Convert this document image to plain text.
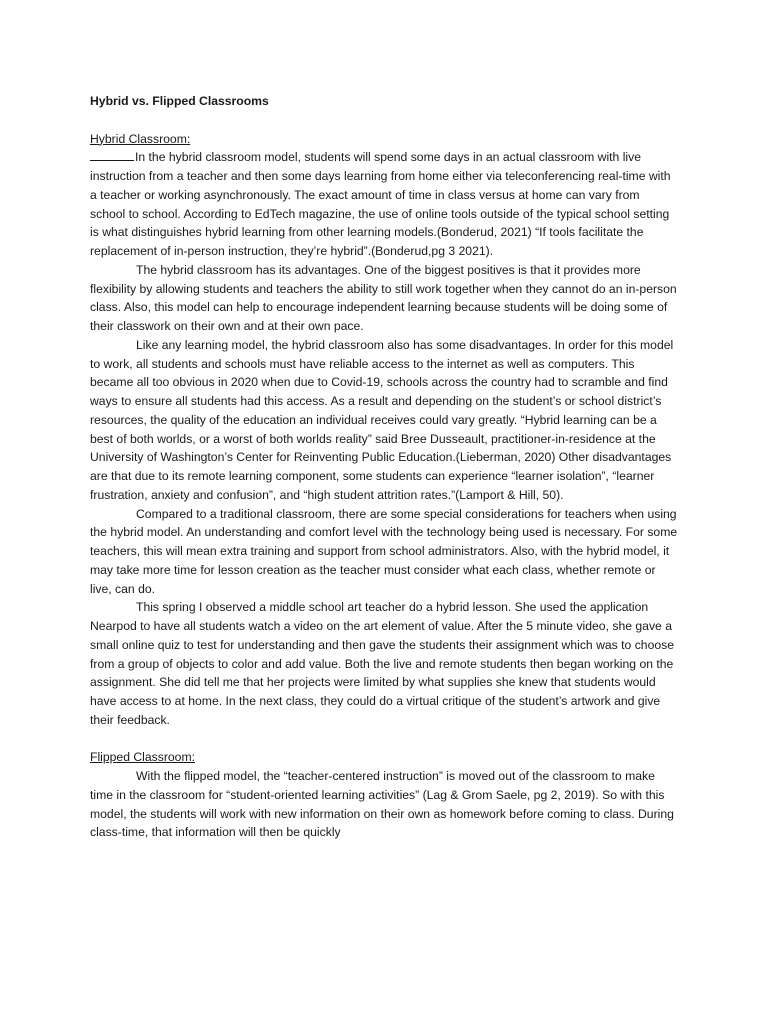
Hybrid vs. Flipped Classrooms
Hybrid Classroom:

In the hybrid classroom model, students will spend some days in an actual classroom with live instruction from a teacher and then some days learning from home either via teleconferencing real-time with a teacher or working asynchronously. The exact amount of time in class versus at home can vary from school to school. According to EdTech magazine, the use of online tools outside of the typical school setting is what distinguishes hybrid learning from other learning models.(Bonderud, 2021) “If tools facilitate the replacement of in-person instruction, they’re hybrid”.(Bonderud,pg 3 2021).

The hybrid classroom has its advantages. One of the biggest positives is that it provides more flexibility by allowing students and teachers the ability to still work together when they cannot do an in-person class. Also, this model can help to encourage independent learning because students will be doing some of their classwork on their own and at their own pace.

Like any learning model, the hybrid classroom also has some disadvantages. In order for this model to work, all students and schools must have reliable access to the internet as well as computers. This became all too obvious in 2020 when due to Covid-19, schools across the country had to scramble and find ways to ensure all students had this access. As a result and depending on the student’s or school district’s resources, the quality of the education an individual receives could vary greatly. “Hybrid learning can be a best of both worlds, or a worst of both worlds reality” said Bree Dusseault, practitioner-in-residence at the University of Washington’s Center for Reinventing Public Education.(Lieberman, 2020) Other disadvantages are that due to its remote learning component, some students can experience “learner isolation”, “learner frustration, anxiety and confusion”, and “high student attrition rates.”(Lamport & Hill, 50).

Compared to a traditional classroom, there are some special considerations for teachers when using the hybrid model. An understanding and comfort level with the technology being used is necessary. For some teachers, this will mean extra training and support from school administrators. Also, with the hybrid model, it may take more time for lesson creation as the teacher must consider what each class, whether remote or live, can do.

This spring I observed a middle school art teacher do a hybrid lesson. She used the application Nearpod to have all students watch a video on the art element of value. After the 5 minute video, she gave a small online quiz to test for understanding and then gave the students their assignment which was to choose from a group of objects to color and add value. Both the live and remote students then began working on the assignment. She did tell me that her projects were limited by what supplies she knew that students would have access to at home. In the next class, they could do a virtual critique of the student’s artwork and give their feedback.

Flipped Classroom:

With the flipped model, the “teacher-centered instruction” is moved out of the classroom to make time in the classroom for “student-oriented learning activities” (Lag & Grom Saele, pg 2, 2019). So with this model, the students will work with new information on their own as homework before coming to class. During class-time, that information will then be quickly
